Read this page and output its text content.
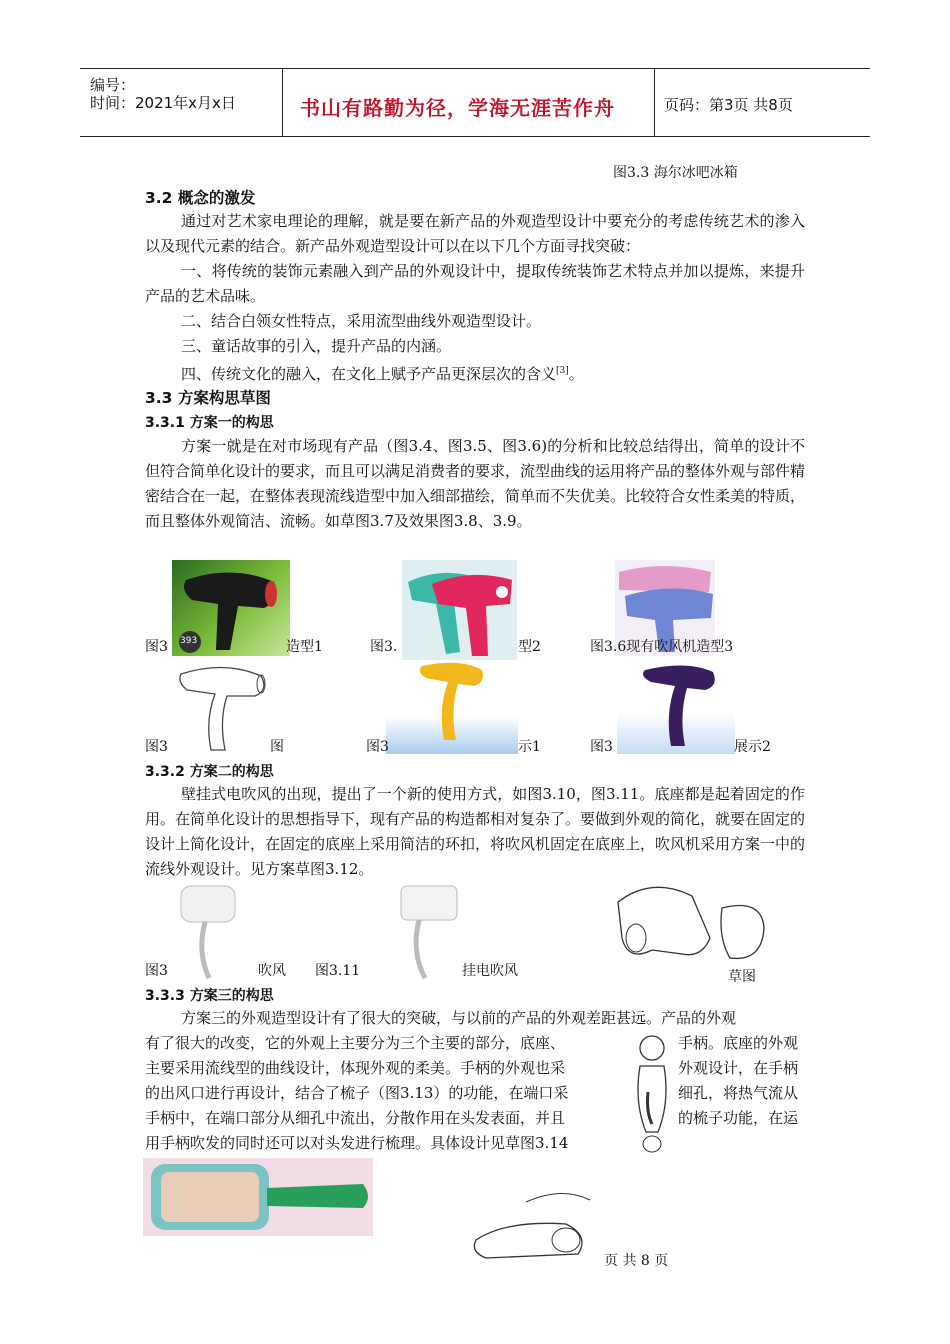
编号：
时间：2021年x月x日	书山有路勤为径，学海无涯苦作舟	页码：第3页 共8页
图3.3 海尔冰吧冰箱
3.2 概念的激发
通过对艺术家电理论的理解，就是要在新产品的外观造型设计中要充分的考虑传统艺术的渗入以及现代元素的结合。新产品外观造型设计可以在以下几个方面寻找突破：
一、将传统的装饰元素融入到产品的外观设计中，提取传统装饰艺术特点并加以提炼，来提升产品的艺术品味。
二、结合白领女性特点，采用流型曲线外观造型设计。
三、童话故事的引入，提升产品的内涵。
四、传统文化的融入，在文化上赋予产品更深层次的含义[3]。
3.3 方案构思草图
3.3.1 方案一的构思
方案一就是在对市场现有产品（图3.4、图3.5、图3.6)的分析和比较总结得出，简单的设计不但符合简单化设计的要求，而且可以满足消费者的要求，流型曲线的运用将产品的整体外观与部件精密结合在一起，在整体表现流线造型中加入细部描绘，简单而不失优美。比较符合女性柔美的特质，而且整体外观简洁、流畅。如草图3.7及效果图3.8、3.9。
393
图3	造型1	图3.	型2	图3.6现有吹风机造型3
图3	图	图3	示1	图3	展示2
3.3.2 方案二的构思
壁挂式电吹风的出现，提出了一个新的使用方式，如图3.10，图3.11。底座都是起着固定的作用。在简单化设计的思想指导下，现有产品的构造都相对复杂了。要做到外观的简化，就要在固定的设计上简化设计，在固定的底座上采用简洁的环扣，将吹风机固定在底座上，吹风机采用方案一中的流线外观设计。见方案草图3.12。
图3	吹风 图3.11	挂电吹风	草图
3.3.3 方案三的构思
方案三的外观造型设计有了很大的突破，与以前的产品的外观差距甚远。产品的外观
有了很大的改变，它的外观上主要分为三个主要的部分，底座、	手柄。底座的外观
主要采用流线型的曲线设计，体现外观的柔美。手柄的外观也采	外观设计，在手柄
的出风口进行再设计，结合了梳子（图3.13）的功能，在端口采	细孔，将热气流从
手柄中，在端口部分从细孔中流出，分散作用在头发表面，并且	的梳子功能，在运
用手柄吹发的同时还可以对头发进行梳理。具体设计见草图3.14
页 共 8 页
